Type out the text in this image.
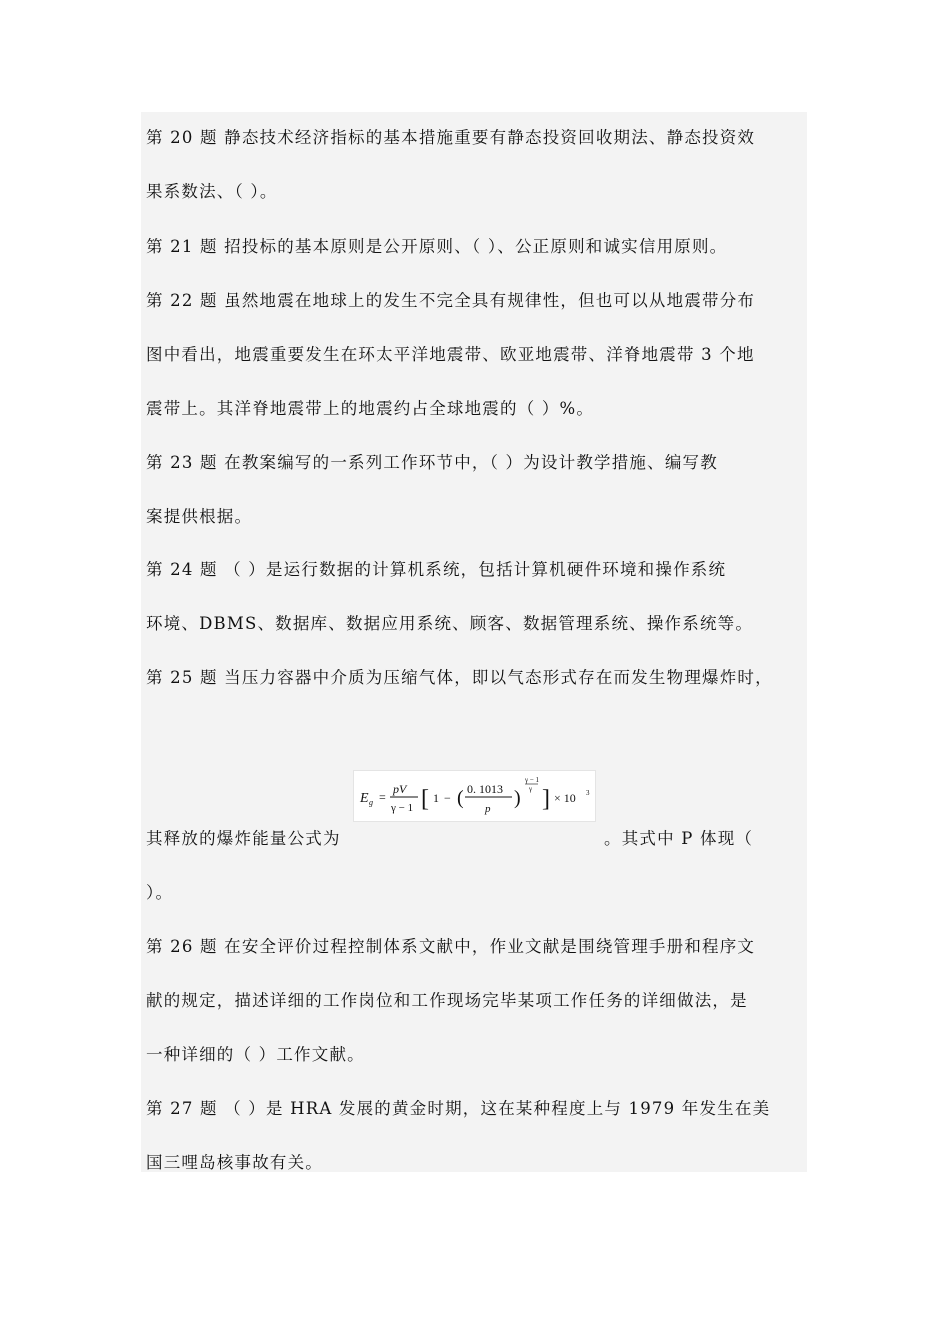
第 20 题 静态技术经济指标的基本措施重要有静态投资回收期法、静态投资效
果系数法、（ ）。
第 21 题 招投标的基本原则是公开原则、（ ）、公正原则和诚实信用原则。
第 22 题 虽然地震在地球上的发生不完全具有规律性，但也可以从地震带分布
图中看出，地震重要发生在环太平洋地震带、欧亚地震带、洋脊地震带 3 个地
震带上。其洋脊地震带上的地震约占全球地震的（ ）%。
第 23 题 在教案编写的一系列工作环节中，（ ）为设计教学措施、编写教
案提供根据。
第 24 题 （ ）是运行数据的计算机系统，包括计算机硬件环境和操作系统
环境、DBMS、数据库、数据应用系统、顾客、数据管理系统、操作系统等。
第 25 题 当压力容器中介质为压缩气体，即以气态形式存在而发生物理爆炸时，
E g =
pV
γ − 1 [ 1 − ( 0. 1013
p )
γ − 1
γ ] × 10 3
其释放的爆炸能量公式为	。其式中 P 体现（
）。
第 26 题 在安全评价过程控制体系文献中，作业文献是围绕管理手册和程序文
献的规定，描述详细的工作岗位和工作现场完毕某项工作任务的详细做法，是
一种详细的（ ）工作文献。
第 27 题 （ ）是 HRA 发展的黄金时期，这在某种程度上与 1979 年发生在美
国三哩岛核事故有关。
